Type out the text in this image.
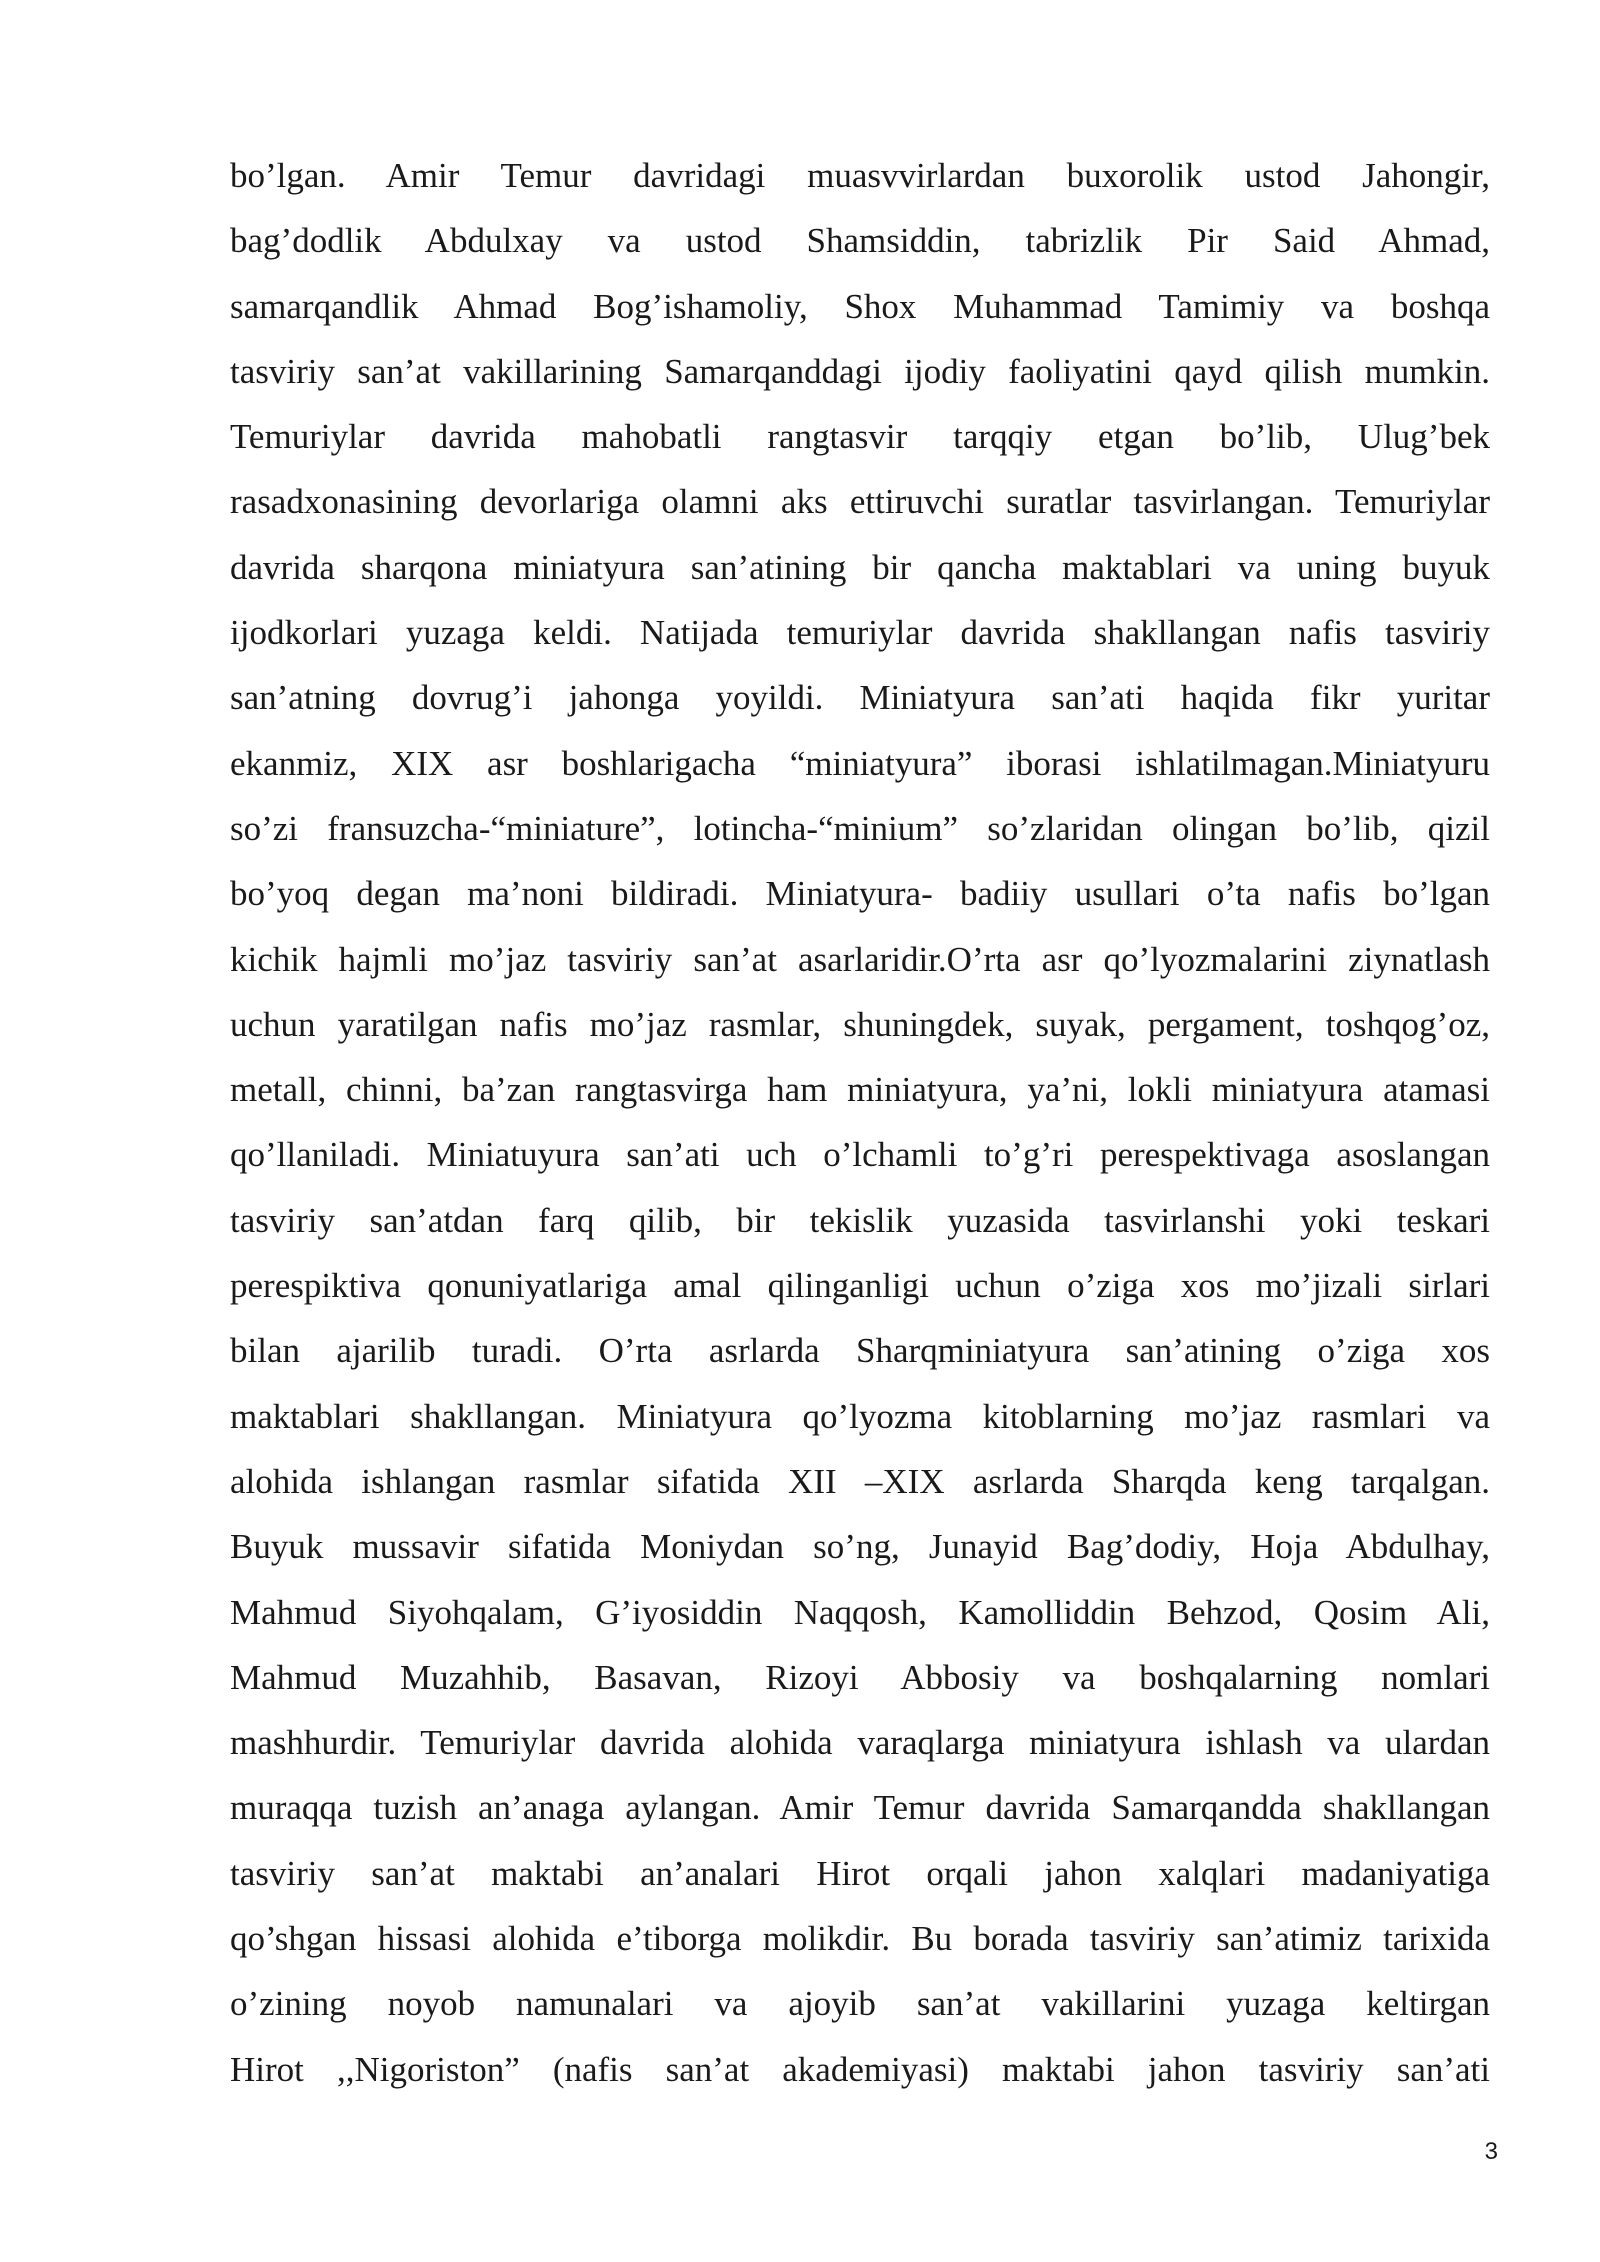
bo’lgan. Amir Temur davridagi muasvvirlardan buxorolik ustod Jahongir,
bag’dodlik Abdulxay va ustod Shamsiddin, tabrizlik Pir Said Ahmad,
samarqandlik Ahmad Bog’ishamoliy, Shox Muhammad Tamimiy va boshqa
tasviriy san’at vakillarining Samarqanddagi ijodiy faoliyatini qayd qilish mumkin.
Temuriylar davrida mahobatli rangtasvir tarqqiy etgan bo’lib, Ulug’bek
rasadxonasining devorlariga olamni aks ettiruvchi suratlar tasvirlangan. Temuriylar
davrida sharqona miniatyura san’atining bir qancha maktablari va uning buyuk
ijodkorlari yuzaga keldi. Natijada temuriylar davrida shakllangan nafis tasviriy
san’atning dovrug’i jahonga yoyildi. Miniatyura san’ati haqida fikr yuritar
ekanmiz, XIX asr boshlarigacha “miniatyura” iborasi ishlatilmagan.Miniatyuru
so’zi fransuzcha-“miniature”, lotincha-“minium” so’zlaridan olingan bo’lib, qizil
bo’yoq degan ma’noni bildiradi. Miniatyura- badiiy usullari o’ta nafis bo’lgan
kichik hajmli mo’jaz tasviriy san’at asarlaridir.O’rta asr qo’lyozmalarini ziynatlash
uchun yaratilgan nafis mo’jaz rasmlar, shuningdek, suyak, pergament, toshqog’oz,
metall, chinni, ba’zan rangtasvirga ham miniatyura, ya’ni, lokli miniatyura atamasi
qo’llaniladi. Miniatuyura san’ati uch o’lchamli to’g’ri perespektivaga asoslangan
tasviriy san’atdan farq qilib, bir tekislik yuzasida tasvirlanshi yoki teskari
perespiktiva qonuniyatlariga amal qilinganligi uchun o’ziga xos mo’jizali sirlari
bilan ajarilib turadi. O’rta asrlarda Sharqminiatyura san’atining o’ziga xos
maktablari shakllangan. Miniatyura qo’lyozma kitoblarning mo’jaz rasmlari va
alohida ishlangan rasmlar sifatida XII –XIX asrlarda Sharqda keng tarqalgan.
Buyuk mussavir sifatida Moniydan so’ng, Junayid Bag’dodiy, Hoja Abdulhay,
Mahmud Siyohqalam, G’iyosiddin Naqqosh, Kamolliddin Behzod, Qosim Ali,
Mahmud Muzahhib, Basavan, Rizoyi Abbosiy va boshqalarning nomlari
mashhurdir. Temuriylar davrida alohida varaqlarga miniatyura ishlash va ulardan
muraqqa tuzish an’anaga aylangan. Amir Temur davrida Samarqandda shakllangan
tasviriy san’at maktabi an’analari Hirot orqali jahon xalqlari madaniyatiga
qo’shgan hissasi alohida e’tiborga molikdir. Bu borada tasviriy san’atimiz tarixida
o’zining noyob namunalari va ajoyib san’at vakillarini yuzaga keltirgan
Hirot ,,Nigoriston” (nafis san’at akademiyasi) maktabi jahon tasviriy san’ati
3
